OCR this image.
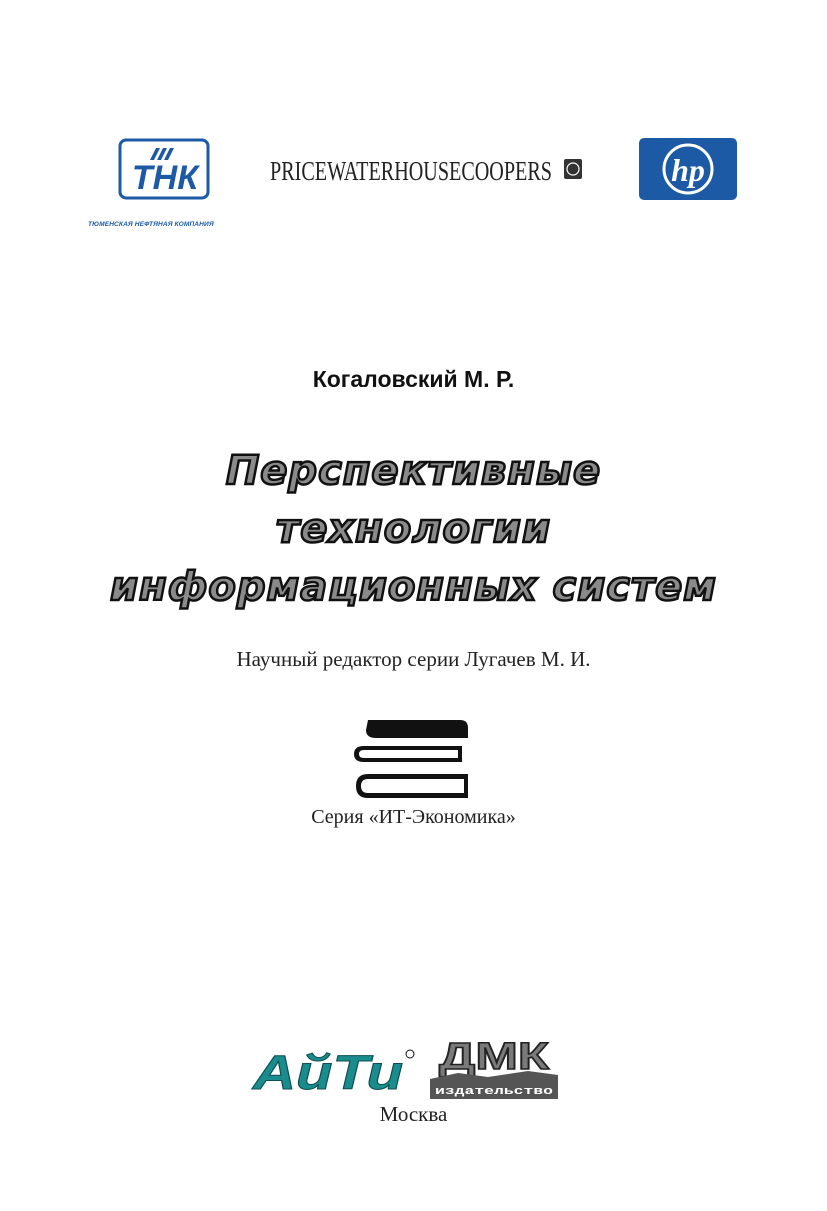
ТНК
ТЮМЕНСКАЯ НЕФТЯНАЯ КОМПАНИЯ
PRICEWATERHOUSECOOPERS	hp
Когаловский М. Р.
Перспективные
технологии
информационных систем
Научный редактор серии Лугачев М. И.
Серия «ИТ-Экономика»
АйТи ДМК
издательство
Москва
